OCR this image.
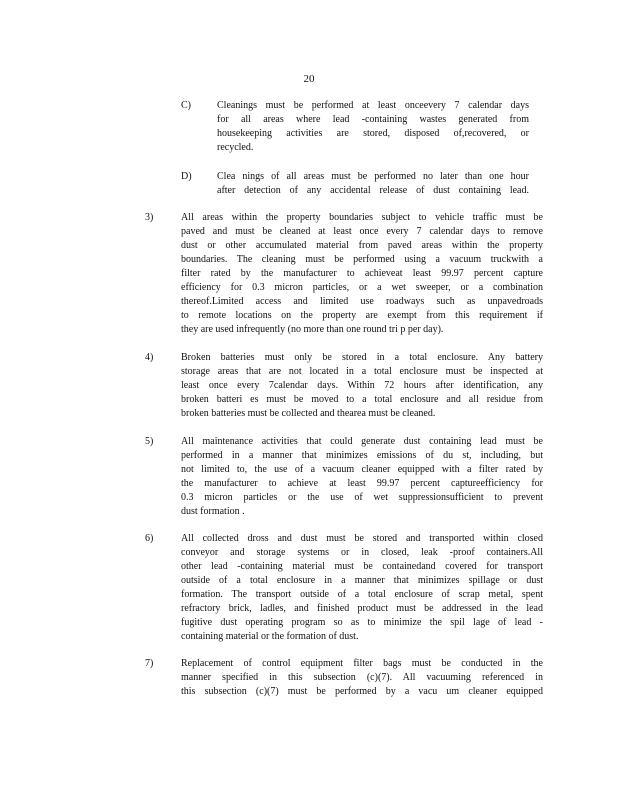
20
C)	Cleanings must be performed at least onceevery 7 calendar days
for all areas where lead -containing wastes generated from
housekeeping activities are stored, disposed of,recovered, or
recycled.
D)	Clea nings of all areas must be performed no later than one hour
after detection of any accidental release of dust containing lead.
3)	All areas within the property boundaries subject to vehicle traffic must be
paved and must be cleaned at least once every 7 calendar days to remove
dust or other accumulated material from paved areas within the property
boundaries. The cleaning must be performed using a vacuum truckwith a
filter rated by the manufacturer to achieveat least 99.97 percent capture
efficiency for 0.3 micron particles, or a wet sweeper, or a combination
thereof.Limited access and limited use roadways such as unpavedroads
to remote locations on the property are exempt from this requirement if
they are used infrequently (no more than one round tri p per day).
4)	Broken batteries must only be stored in a total enclosure. Any battery
storage areas that are not located in a total enclosure must be inspected at
least once every 7calendar days. Within 72 hours after identification, any
broken batteri es must be moved to a total enclosure and all residue from
broken batteries must be collected and thearea must be cleaned.
5)	All maintenance activities that could generate dust containing lead must be
performed in a manner that minimizes emissions of du st, including, but
not limited to, the use of a vacuum cleaner equipped with a filter rated by
the manufacturer to achieve at least 99.97 percent captureefficiency for
0.3 micron particles or the use of wet suppressionsufficient to prevent
dust formation .
6)	All collected dross and dust must be stored and transported within closed
conveyor and storage systems or in closed, leak -proof containers.All
other lead -containing material must be containedand covered for transport
outside of a total enclosure in a manner that minimizes spillage or dust
formation. The transport outside of a total enclosure of scrap metal, spent
refractory brick, ladles, and finished product must be addressed in the lead
fugitive dust operating program so as to minimize the spil lage of lead -
containing material or the formation of dust.
7)	Replacement of control equipment filter bags must be conducted in the
manner specified in this subsection (c)(7). All vacuuming referenced in
this subsection (c)(7) must be performed by a vacu um cleaner equipped
